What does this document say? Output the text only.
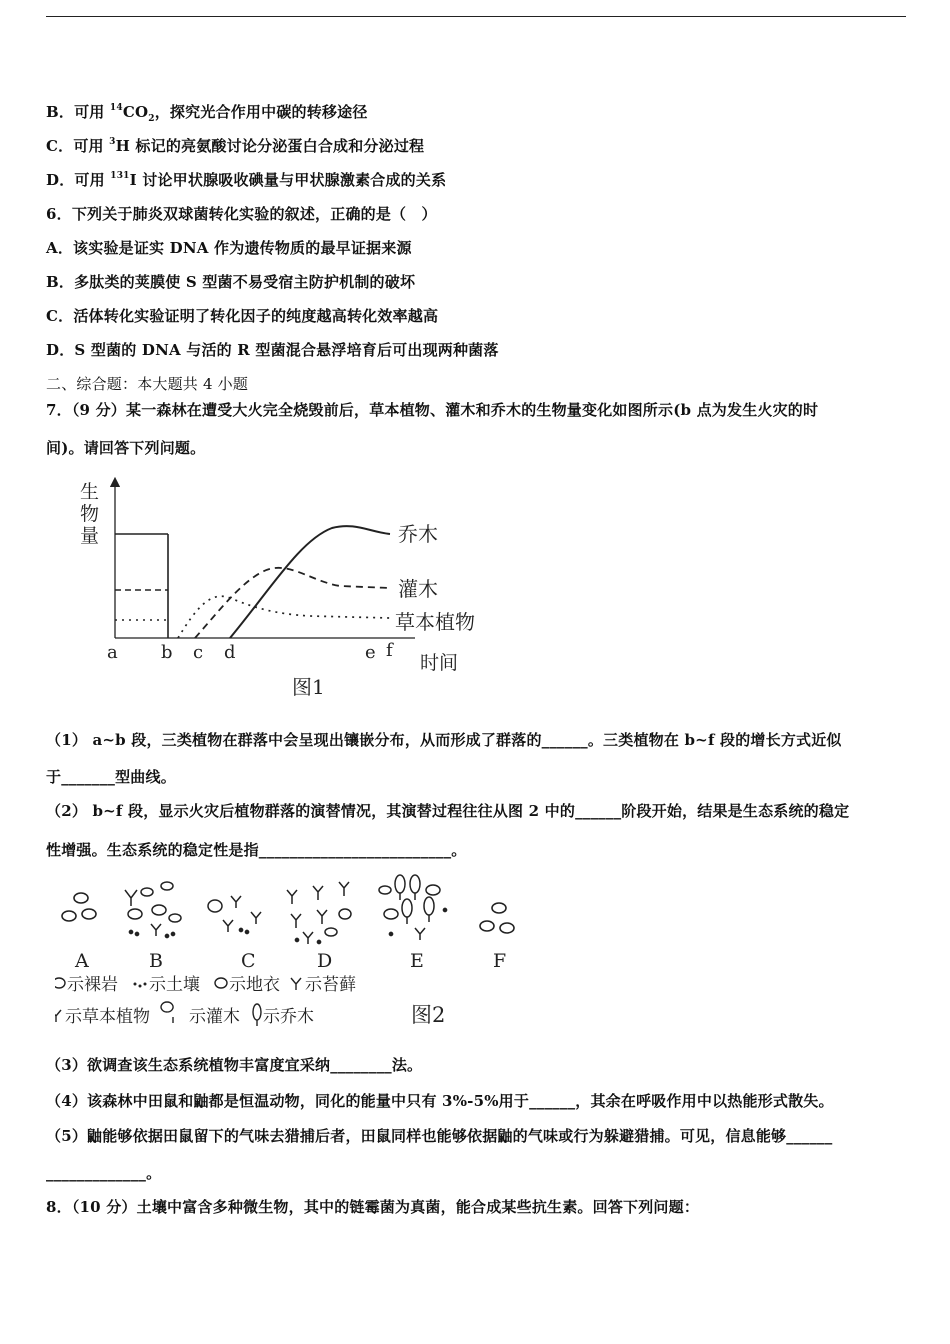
B．可用 $^{14}CO_2$，探究光合作用中碳的转移途径
C．可用 $^3$H 标记的亮氨酸讨论分泌蛋白合成和分泌过程
D．可用 $^{131}$I 讨论甲状腺吸收碘量与甲状腺激素合成的关系
6．下列关于肺炎双球菌转化实验的叙述，正确的是（　）
A．该实验是证实 DNA 作为遗传物质的最早证据来源
B．多肽类的荚膜使 S 型菌不易受宿主防护机制的破坏
C．活体转化实验证明了转化因子的纯度越高转化效率越高
D．S 型菌的 DNA 与活的 R 型菌混合悬浮培育后可出现两种菌落
二、综合题：本大题共 4 小题
7．（9 分）某一森林在遭受大火完全烧毁前后，草本植物、灌木和乔木的生物量变化如图所示(b 点为发生火灾的时
间)。请回答下列问题。
生
物
量	乔木
灌木
草本植物
a b c d	e f
时间
图1
（1） a~b 段，三类植物在群落中会呈现出镶嵌分布，从而形成了群落的______。三类植物在 b~f 段的增长方式近似
于_______型曲线。
（2） b~f 段，显示火灾后植物群落的演替情况，其演替过程往往从图 2 中的______阶段开始，结果是生态系统的稳定
性增强。生态系统的稳定性是指_________________________。
A	B	C	D	E	F
示裸岩 示土壤 示地衣 示苔藓
示草本植物 示灌木 示乔木	图2
（3）欲调查该生态系统植物丰富度宜采纳________法。
（4）该森林中田鼠和鼬都是恒温动物，同化的能量中只有 3%-5%用于______，其余在呼吸作用中以热能形式散失。
（5）鼬能够依据田鼠留下的气味去猎捕后者，田鼠同样也能够依据鼬的气味或行为躲避猎捕。可见，信息能够______
_____________。
8．（10 分）土壤中富含多种微生物，其中的链霉菌为真菌，能合成某些抗生素。回答下列问题：
